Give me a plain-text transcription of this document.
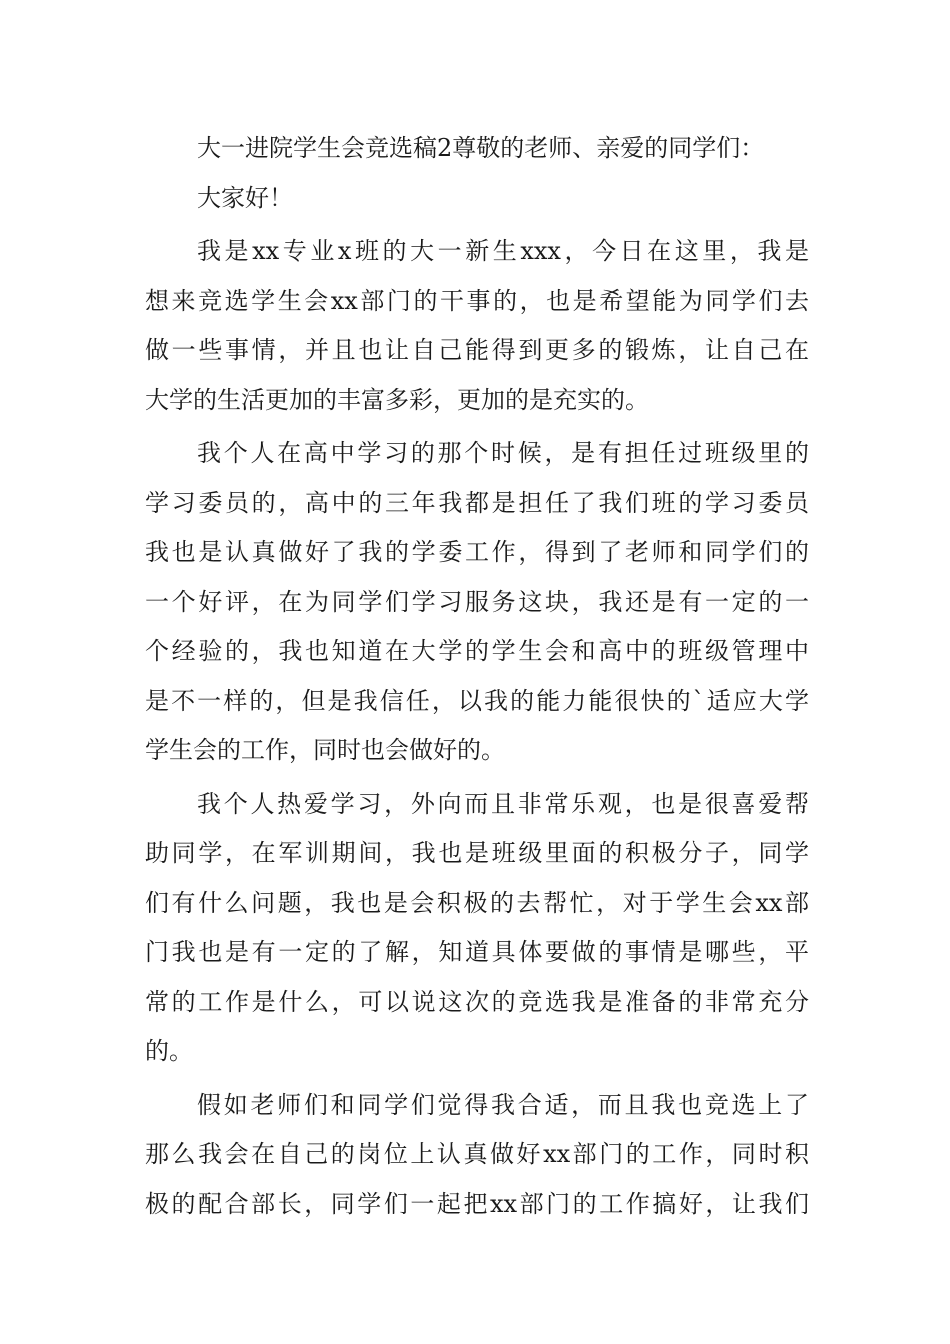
大一进院学生会竞选稿2尊敬的老师、亲爱的同学们：
大家好！
我是xx专业x班的大一新生xxx，今日在这里，我是
想来竞选学生会xx部门的干事的，也是希望能为同学们去
做一些事情，并且也让自己能得到更多的锻炼，让自己在
大学的生活更加的丰富多彩，更加的是充实的。
我个人在高中学习的那个时候，是有担任过班级里的
学习委员的，高中的三年我都是担任了我们班的学习委员
我也是认真做好了我的学委工作，得到了老师和同学们的
一个好评，在为同学们学习服务这块，我还是有一定的一
个经验的，我也知道在大学的学生会和高中的班级管理中
是不一样的，但是我信任，以我的能力能很快的`适应大学
学生会的工作，同时也会做好的。
我个人热爱学习，外向而且非常乐观，也是很喜爱帮
助同学，在军训期间，我也是班级里面的积极分子，同学
们有什么问题，我也是会积极的去帮忙，对于学生会xx部
门我也是有一定的了解，知道具体要做的事情是哪些，平
常的工作是什么，可以说这次的竞选我是准备的非常充分
的。
假如老师们和同学们觉得我合适，而且我也竞选上了
那么我会在自己的岗位上认真做好xx部门的工作，同时积
极的配合部长，同学们一起把xx部门的工作搞好，让我们
